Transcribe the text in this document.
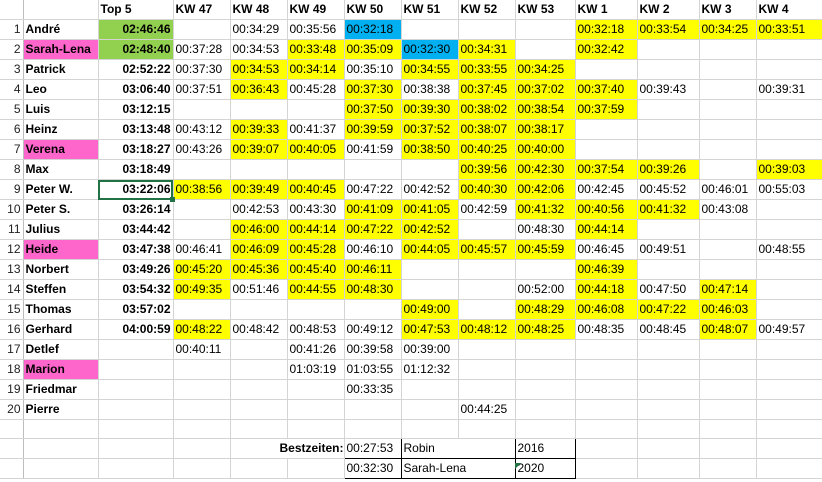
		Top 5	KW 47	KW 48	KW 49	KW 50	KW 51	KW 52	KW 53	KW 1	KW 2	KW 3	KW 4
1	André	02:46:46		00:34:29	00:35:56	00:32:18				00:32:18	00:33:54	00:34:25	00:33:51
2	Sarah-Lena	02:48:40	00:37:28	00:34:53	00:33:48	00:35:09	00:32:30	00:34:31		00:32:42			
3	Patrick	02:52:22	00:37:30	00:34:53	00:34:14	00:35:10	00:34:55	00:33:55	00:34:25				
4	Leo	03:06:40	00:37:51	00:36:43	00:45:28	00:37:30	00:38:38	00:37:45	00:37:02	00:37:40	00:39:43		00:39:31
5	Luis	03:12:15				00:37:50	00:39:30	00:38:02	00:38:54	00:37:59			
6	Heinz	03:13:48	00:43:12	00:39:33	00:41:37	00:39:59	00:37:52	00:38:07	00:38:17				
7	Verena	03:18:27	00:43:26	00:39:07	00:40:05	00:41:59	00:38:50	00:40:25	00:40:00				
8	Max	03:18:49						00:39:56	00:42:30	00:37:54	00:39:26		00:39:03
9	Peter W.	03:22:06	00:38:56	00:39:49	00:40:45	00:47:22	00:42:52	00:40:30	00:42:06	00:42:45	00:45:52	00:46:01	00:55:03
10	Peter S.	03:26:14		00:42:53	00:43:30	00:41:09	00:41:05	00:42:59	00:41:32	00:40:56	00:41:32	00:43:08	
11	Julius	03:44:42		00:46:00	00:44:14	00:47:22	00:42:52		00:48:30	00:44:14			
12	Heide	03:47:38	00:46:41	00:46:09	00:45:28	00:46:10	00:44:05	00:45:57	00:45:59	00:46:45	00:49:51		00:48:55
13	Norbert	03:49:26	00:45:20	00:45:36	00:45:40	00:46:11				00:46:39			
14	Steffen	03:54:32	00:49:35	00:51:46	00:44:55	00:48:30			00:52:00	00:44:18	00:47:50	00:47:14	
15	Thomas	03:57:02					00:49:00		00:48:29	00:46:08	00:47:22	00:46:03	
16	Gerhard	04:00:59	00:48:22	00:48:42	00:48:53	00:49:12	00:47:53	00:48:12	00:48:25	00:48:35	00:48:45	00:48:07	00:49:57
17	Detlef		00:40:11		00:41:26	00:39:58	00:39:00						
18	Marion				01:03:19	01:03:55	01:12:32						
19	Friedmar					00:33:35							
20	Pierre							00:44:25					

				Bestzeiten:		00:27:53	Robin		2016				
						00:32:30	Sarah-Lena		2020				
